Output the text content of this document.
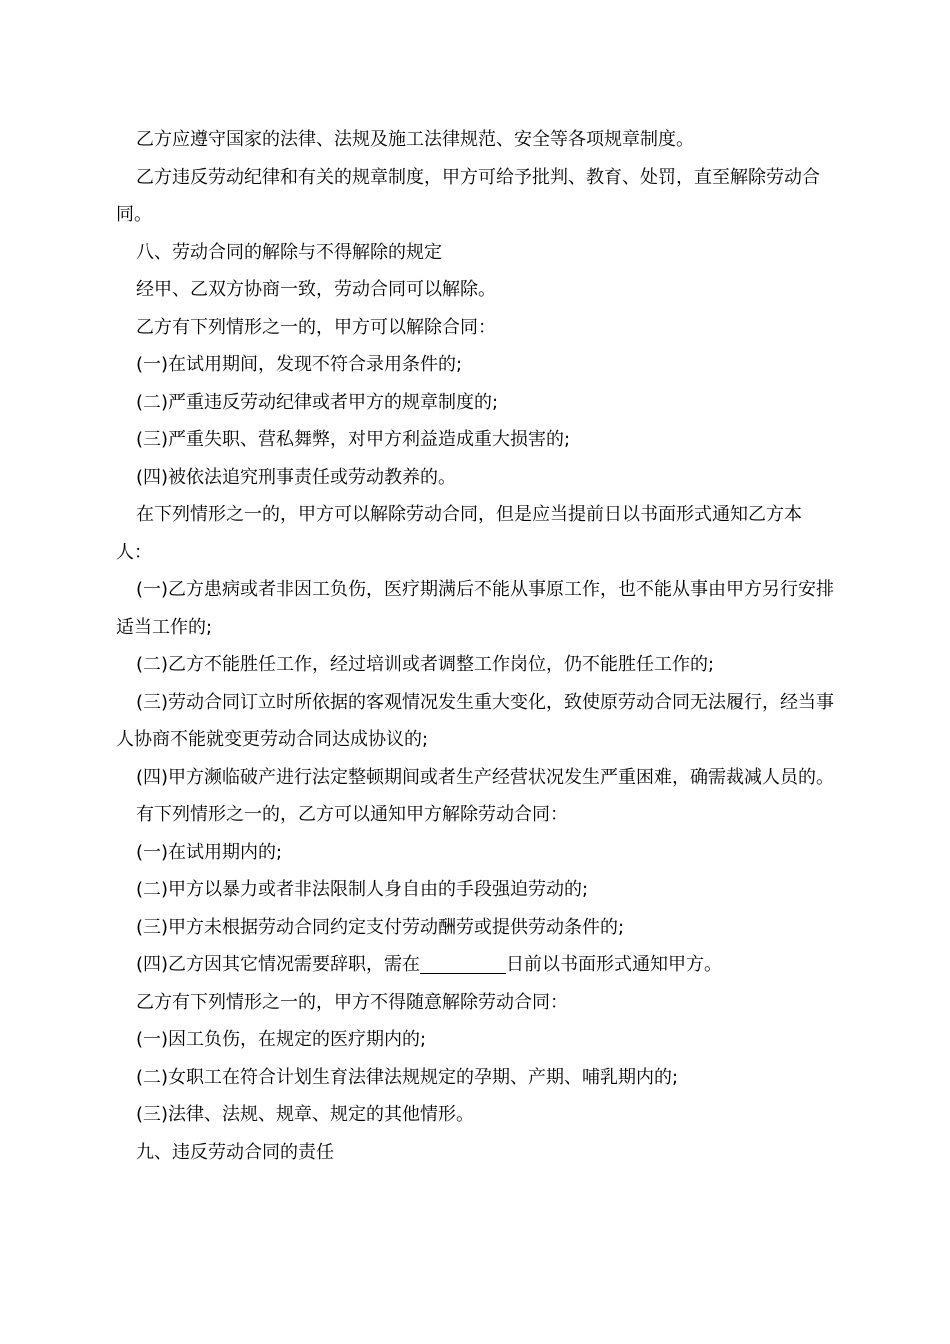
乙方应遵守国家的法律、法规及施工法律规范、安全等各项规章制度。

乙方违反劳动纪律和有关的规章制度，甲方可给予批判、教育、处罚，直至解除劳动合同。

八、劳动合同的解除与不得解除的规定

经甲、乙双方协商一致，劳动合同可以解除。

乙方有下列情形之一的，甲方可以解除合同：

(一)在试用期间，发现不符合录用条件的;

(二)严重违反劳动纪律或者甲方的规章制度的;

(三)严重失职、营私舞弊，对甲方利益造成重大损害的;

(四)被依法追究刑事责任或劳动教养的。

在下列情形之一的，甲方可以解除劳动合同，但是应当提前日以书面形式通知乙方本人：

(一)乙方患病或者非因工负伤，医疗期满后不能从事原工作，也不能从事由甲方另行安排适当工作的;

(二)乙方不能胜任工作，经过培训或者调整工作岗位，仍不能胜任工作的;

(三)劳动合同订立时所依据的客观情况发生重大变化，致使原劳动合同无法履行，经当事人协商不能就变更劳动合同达成协议的;

(四)甲方濒临破产进行法定整顿期间或者生产经营状况发生严重困难，确需裁减人员的。

有下列情形之一的，乙方可以通知甲方解除劳动合同：

(一)在试用期内的;

(二)甲方以暴力或者非法限制人身自由的手段强迫劳动的;

(三)甲方未根据劳动合同约定支付劳动酬劳或提供劳动条件的;

(四)乙方因其它情况需要辞职，需在	日前以书面形式通知甲方。

乙方有下列情形之一的，甲方不得随意解除劳动合同：

(一)因工负伤，在规定的医疗期内的;

(二)女职工在符合计划生育法律法规规定的孕期、产期、哺乳期内的;

(三)法律、法规、规章、规定的其他情形。

九、违反劳动合同的责任
